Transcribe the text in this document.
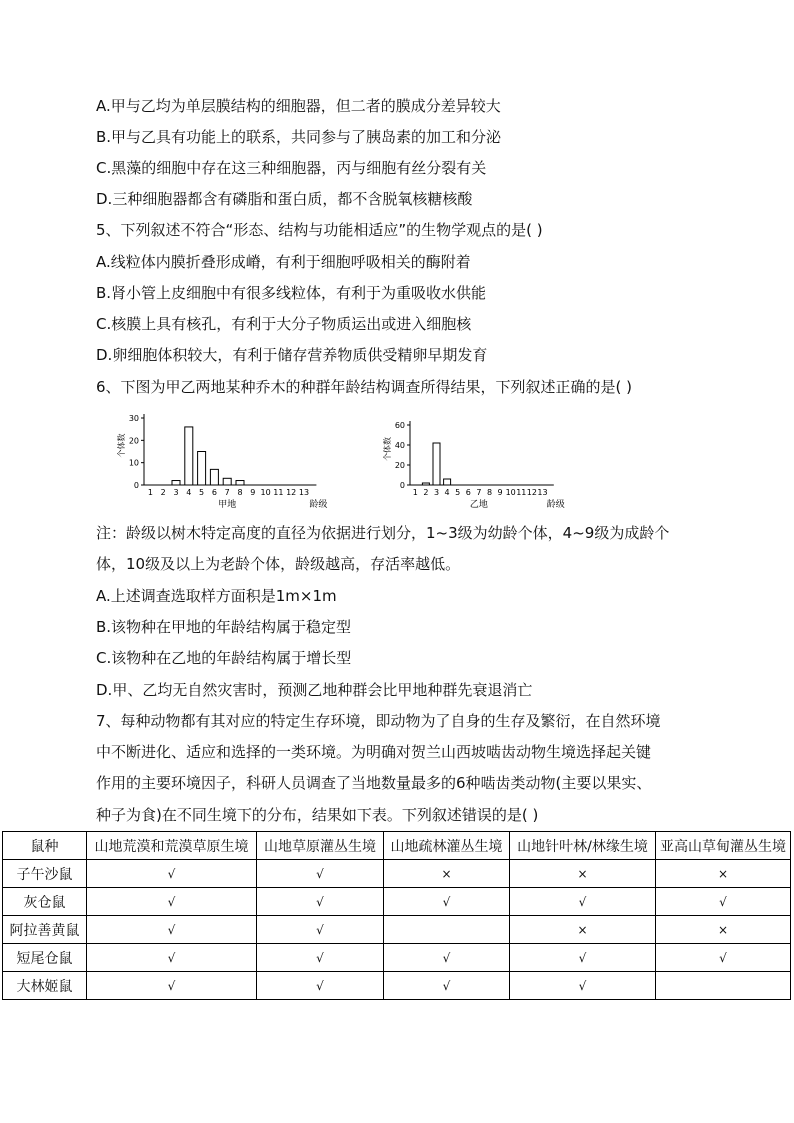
A.甲与乙均为单层膜结构的细胞器，但二者的膜成分差异较大
B.甲与乙具有功能上的联系，共同参与了胰岛素的加工和分泌
C.黑藻的细胞中存在这三种细胞器，丙与细胞有丝分裂有关
D.三种细胞器都含有磷脂和蛋白质，都不含脱氧核糖核酸
5、下列叙述不符合“形态、结构与功能相适应”的生物学观点的是( )
A.线粒体内膜折叠形成嵴，有利于细胞呼吸相关的酶附着
B.肾小管上皮细胞中有很多线粒体，有利于为重吸收水供能
C.核膜上具有核孔，有利于大分子物质运出或进入细胞核
D.卵细胞体积较大，有利于储存营养物质供受精卵早期发育
6、下图为甲乙两地某种乔木的种群年龄结构调查所得结果，下列叙述正确的是( )
0
10
20
30
个体数
1 2 3 4 5 6 7 8 9 10 11 12 13
甲地	龄级
0
20
40
60
个体数
1 2 3 4 5 6 7 8 9 10 11 12 13
乙地	龄级
注：龄级以树木特定高度的直径为依据进行划分，1~3级为幼龄个体，4~9级为成龄个
体，10级及以上为老龄个体，龄级越高，存活率越低。
A.上述调查选取样方面积是1m×1m
B.该物种在甲地的年龄结构属于稳定型
C.该物种在乙地的年龄结构属于增长型
D.甲、乙均无自然灾害时，预测乙地种群会比甲地种群先衰退消亡
7、每种动物都有其对应的特定生存环境，即动物为了自身的生存及繁衍，在自然环境
中不断进化、适应和选择的一类环境。为明确对贺兰山西坡啮齿动物生境选择起关键
作用的主要环境因子，科研人员调查了当地数量最多的6种啮齿类动物(主要以果实、
种子为食)在不同生境下的分布，结果如下表。下列叙述错误的是( )
鼠种	山地荒漠和荒漠草原生境	山地草原灌丛生境	山地疏林灌丛生境	山地针叶林/林缘生境	亚高山草甸灌丛生境
子午沙鼠	√	√	×	×	×
灰仓鼠	√	√	√	√	√
阿拉善黄鼠	√	√		×	×
短尾仓鼠	√	√	√	√	√
大林姬鼠	√	√	√	√	
